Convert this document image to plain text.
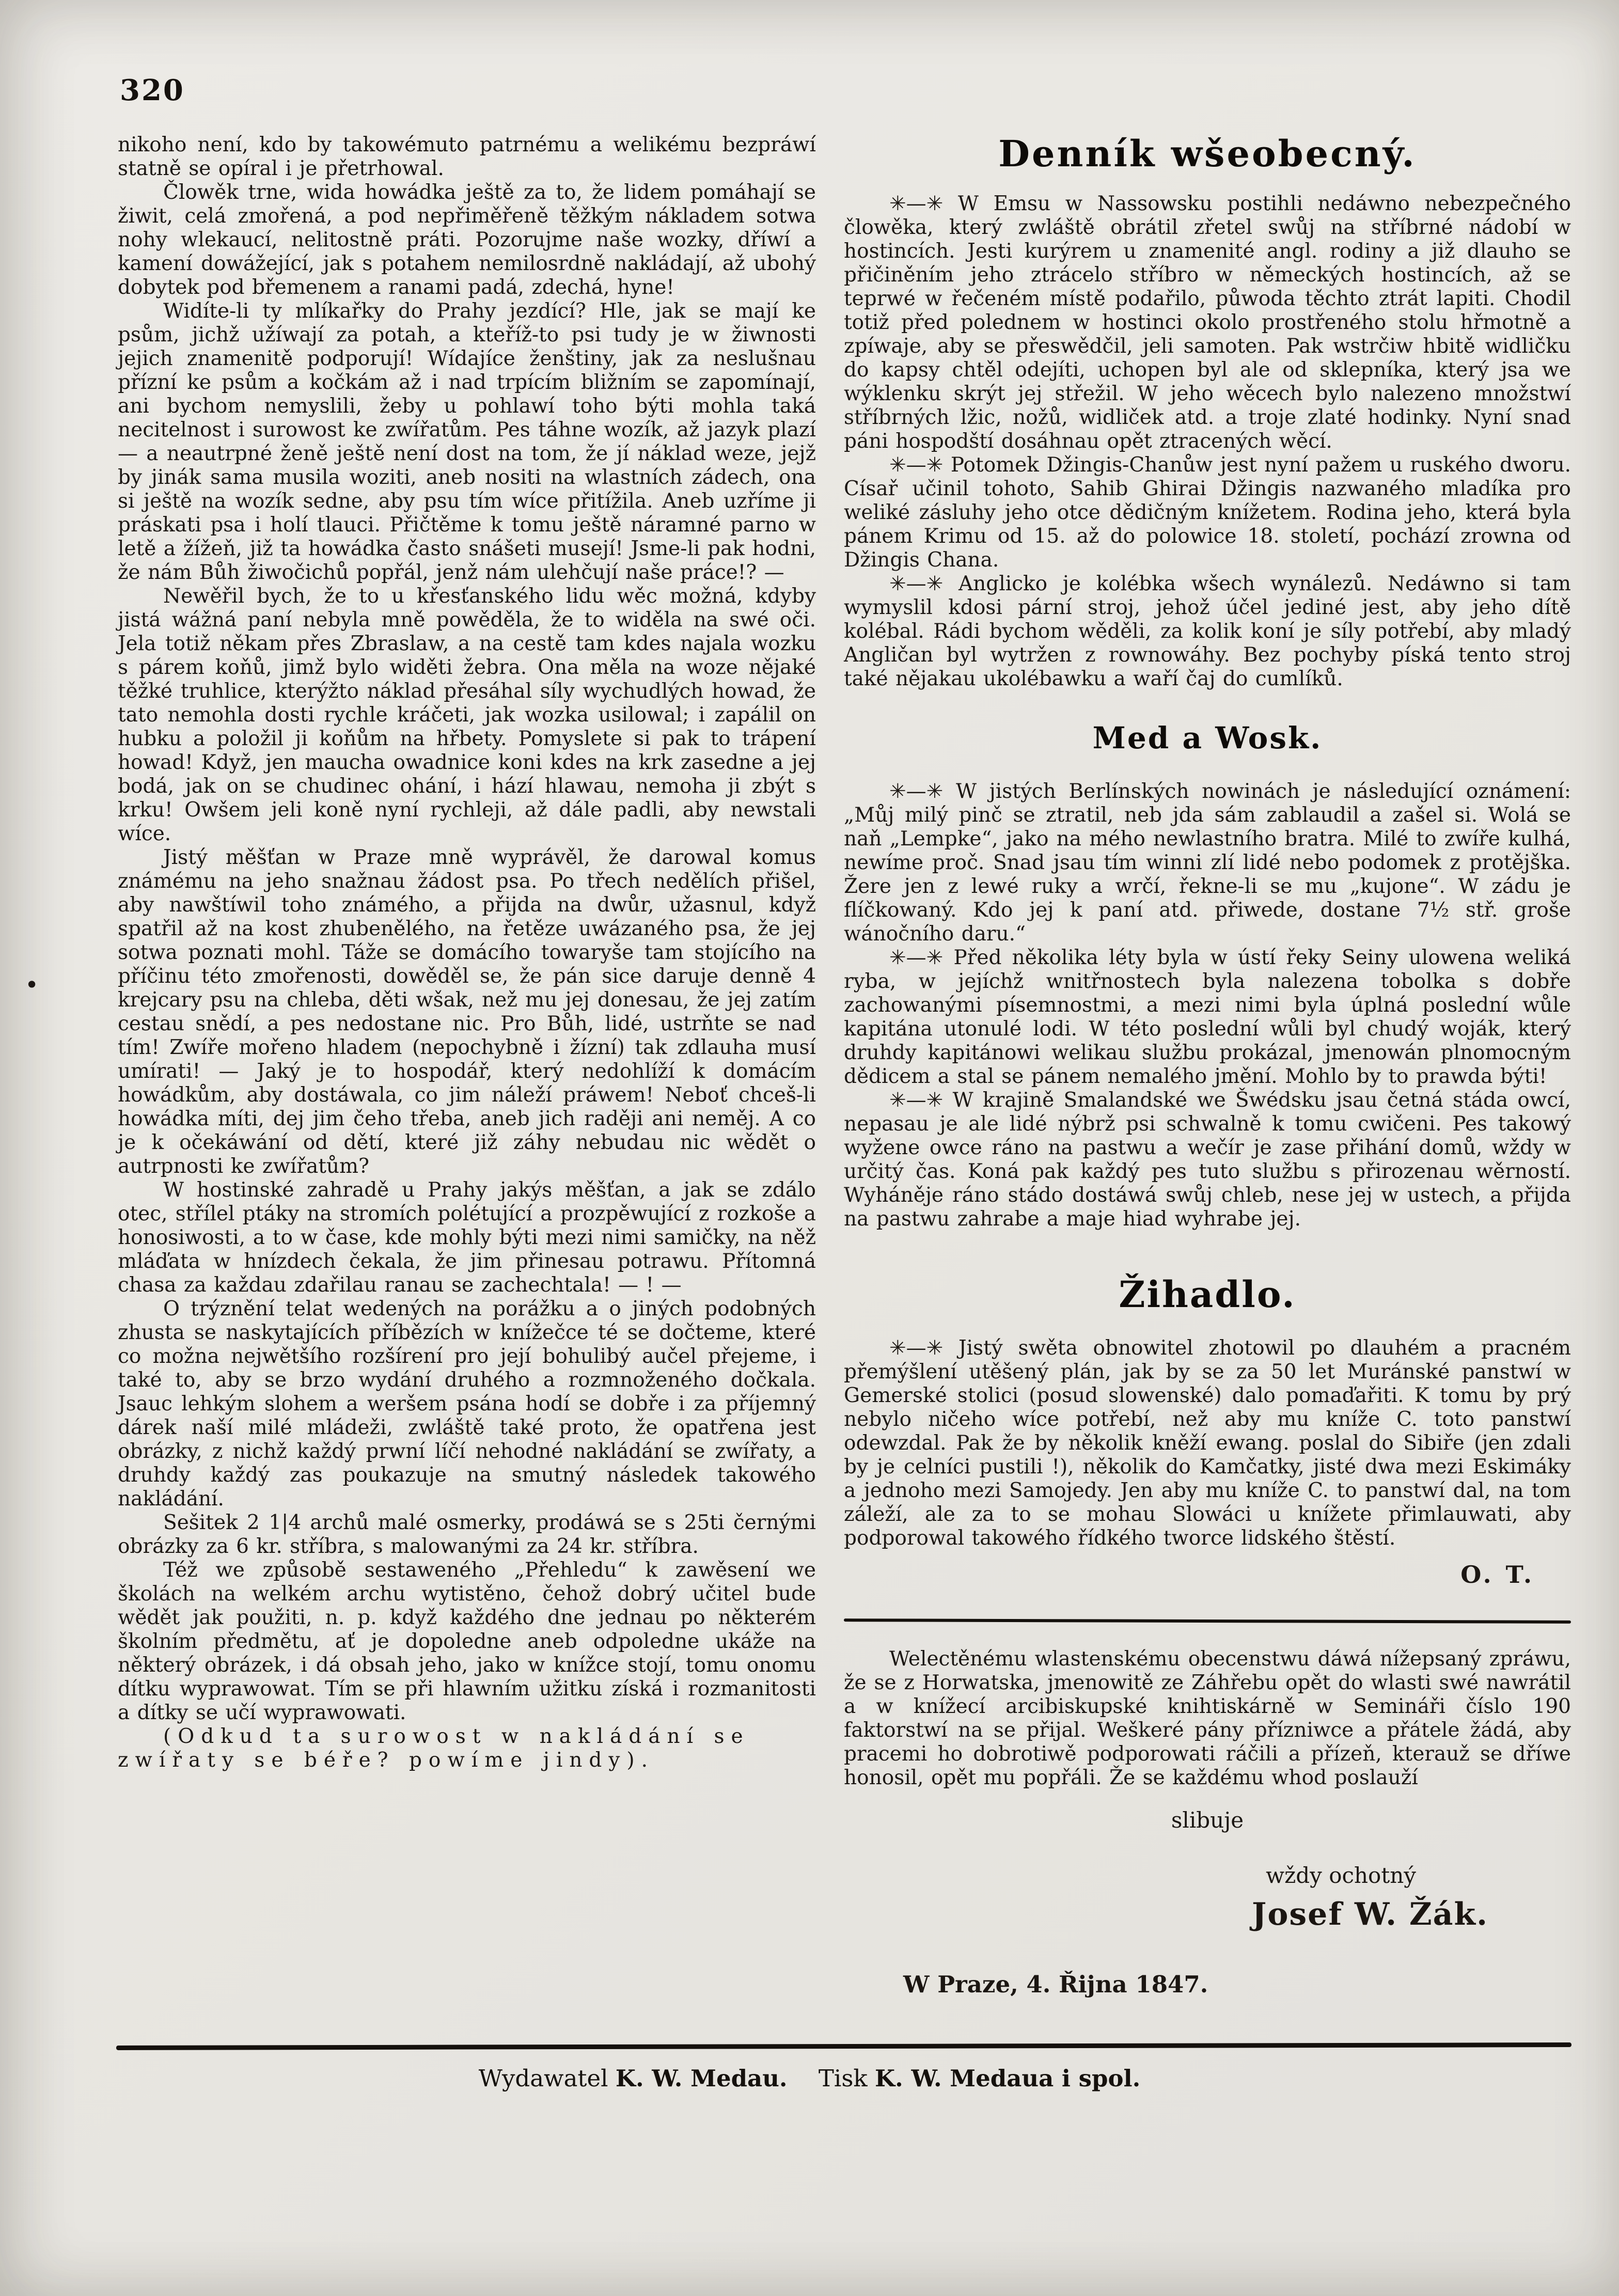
320
•

nikoho není, kdo by takowémuto patrnému a welikému bezpráwí statně se opíral i je přetrhowal.

Člowěk trne, wida howádka ještě za to, že lidem pomáhají se žiwit, celá zmořená, a pod nepřiměřeně těžkým nákladem sotwa nohy wlekaucí, nelitostně práti. Pozorujme naše wozky, dříwí a kamení dowážející, jak s potahem nemilosrdně nakládají, až ubohý dobytek pod břemenem a ranami padá, zdechá, hyne!

Widíte-li ty mlíkařky do Prahy jezdící? Hle, jak se mají ke psům, jichž užíwají za potah, a kteříž-to psi tudy je w žiwnosti jejich znamenitě podporují! Wídajíce ženštiny, jak za neslušnau přízní ke psům a kočkám až i nad trpícím bližním se zapomínají, ani bychom nemyslili, žeby u pohlawí toho býti mohla taká necitelnost i surowost ke zwířatům. Pes táhne wozík, až jazyk plazí — a neautrpné ženě ještě není dost na tom, že jí náklad weze, jejž by jinák sama musila woziti, aneb nositi na wlastních zádech, ona si ještě na wozík sedne, aby psu tím wíce přitížila. Aneb uzříme ji práskati psa i holí tlauci. Přičtěme k tomu ještě náramné parno w letě a žížeň, již ta howádka často snášeti musejí! Jsme-li pak hodni, že nám Bůh žiwočichů popřál, jenž nám ulehčují naše práce!? —

Newěřil bych, že to u křesťanského lidu wěc možná, kdyby jistá wážná paní nebyla mně powěděla, že to widěla na swé oči. Jela totiž někam přes Zbraslaw, a na cestě tam kdes najala wozku s párem koňů, jimž bylo widěti žebra. Ona měla na woze nějaké těžké truhlice, kterýžto náklad přesáhal síly wychudlých howad, že tato nemohla dosti rychle kráčeti, jak wozka usilowal; i zapálil on hubku a položil ji koňům na hřbety. Pomyslete si pak to trápení howad! Když, jen maucha owadnice koni kdes na krk zasedne a jej bodá, jak on se chudinec ohání, i hází hlawau, nemoha ji zbýt s krku! Owšem jeli koně nyní rychleji, až dále padli, aby newstali wíce.

Jistý měšťan w Praze mně wyprávěl, že darowal komus známému na jeho snažnau žádost psa. Po třech nedělích přišel, aby nawštíwil toho známého, a přijda na dwůr, užasnul, když spatřil až na kost zhubenělého, na řetěze uwázaného psa, že jej sotwa poznati mohl. Táže se domácího towaryše tam stojícího na příčinu této zmořenosti, dowěděl se, že pán sice daruje denně 4 krejcary psu na chleba, děti wšak, než mu jej donesau, že jej zatím cestau snědí, a pes nedostane nic. Pro Bůh, lidé, ustrňte se nad tím! Zwíře mořeno hladem (nepochybně i žízní) tak zdlauha musí umírati! — Jaký je to hospodář, který nedohlíží k domácím howádkům, aby dostáwala, co jim náleží práwem! Neboť chceš-li howádka míti, dej jim čeho třeba, aneb jich raději ani neměj. A co je k očekáwání od dětí, které již záhy nebudau nic wědět o autrpnosti ke zwířatům?

W hostinské zahradě u Prahy jakýs měšťan, a jak se zdálo otec, střílel ptáky na stromích polétující a prozpěwující z rozkoše a honosiwosti, a to w čase, kde mohly býti mezi nimi samičky, na něž mláďata w hnízdech čekala, že jim přinesau potrawu. Přítomná chasa za každau zdařilau ranau se zachechtala! — ! —

O trýznění telat wedených na porážku a o jiných podobných zhusta se naskytajících příbězích w knížečce té se dočteme, které co možna nejwětšího rozšírení pro její bohulibý aučel přejeme, i také to, aby se brzo wydání druhého a rozmnoženého dočkala. Jsauc lehkým slohem a weršem psána hodí se dobře i za příjemný dárek naší milé mládeži, zwláště také proto, že opatřena jest obrázky, z nichž každý prwní líčí nehodné nakládání se zwířaty, a druhdy každý zas poukazuje na smutný následek takowého nakládání.

Sešitek 2 1|4 archů malé osmerky, prodáwá se s 25ti černými obrázky za 6 kr. stříbra, s malowanými za 24 kr. stříbra.

Též we způsobě sestaweného „Přehledu“ k zawěsení we školách na welkém archu wytistěno, čehož dobrý učitel bude wědět jak použiti, n. p. když každého dne jednau po některém školním předmětu, ať je dopoledne aneb odpoledne ukáže na některý obrázek, i dá obsah jeho, jako w knížce stojí, tomu onomu dítku wyprawowat. Tím se při hlawním užitku získá i rozmanitosti a dítky se učí wyprawowati.

(Odkud ta surowost w nakládání se zwířaty se béře? powíme jindy).

Denník wšeobecný.

✳—✳ W Emsu w Nassowsku postihli nedáwno nebezpečného člowěka, který zwláště obrátil zřetel swůj na stříbrné nádobí w hostincích. Jesti kurýrem u znamenité angl. rodiny a již dlauho se přičiněním jeho ztrácelo stříbro w německých hostincích, až se teprwé w řečeném místě podařilo, půwoda těchto ztrát lapiti. Chodil totiž před polednem w hostinci okolo prostřeného stolu hřmotně a zpíwaje, aby se přeswědčil, jeli samoten. Pak wstrčiw hbitě widličku do kapsy chtěl odejíti, uchopen byl ale od sklepníka, který jsa we wýklenku skrýt jej střežil. W jeho wěcech bylo nalezeno množstwí stříbrných lžic, nožů, widliček atd. a troje zlaté hodinky. Nyní snad páni hospodští dosáhnau opět ztracených wěcí.

✳—✳ Potomek Džingis-Chanůw jest nyní pažem u ruského dworu. Císař učinil tohoto, Sahib Ghirai Džingis nazwaného mladíka pro weliké zásluhy jeho otce dědičným knížetem. Rodina jeho, která byla pánem Krimu od 15. až do polowice 18. století, pochází zrowna od Džingis Chana.

✳—✳ Anglicko je kolébka wšech wynálezů. Nedáwno si tam wymyslil kdosi pární stroj, jehož účel jediné jest, aby jeho dítě kolébal. Rádi bychom wěděli, za kolik koní je síly potřebí, aby mladý Angličan byl wytržen z rownowáhy. Bez pochyby píská tento stroj také nějakau ukolébawku a waří čaj do cumlíků.

Med a Wosk.

✳—✳ W jistých Berlínských nowinách je následující oznámení: „Můj milý pinč se ztratil, neb jda sám zablaudil a zašel si. Wolá se naň „Lempke“, jako na mého newlastního bratra. Milé to zwíře kulhá, newíme proč. Snad jsau tím winni zlí lidé nebo podomek z protějška. Žere jen z lewé ruky a wrčí, řekne-li se mu „kujone“. W zádu je flíčkowaný. Kdo jej k paní atd. přiwede, dostane 7½ stř. groše wánočního daru.“

✳—✳ Před několika léty byla w ústí řeky Seiny ulowena weliká ryba, w jejíchž wnitřnostech byla nalezena tobolka s dobře zachowanými písemnostmi, a mezi nimi byla úplná poslední wůle kapitána utonulé lodi. W této poslední wůli byl chudý woják, který druhdy kapitánowi welikau službu prokázal, jmenowán plnomocným dědicem a stal se pánem nemalého jmění. Mohlo by to prawda býti!

✳—✳ W krajině Smalandské we Šwédsku jsau četná stáda owcí, nepasau je ale lidé nýbrž psi schwalně k tomu cwičeni. Pes takowý wyžene owce ráno na pastwu a wečír je zase přihání domů, wždy w určitý čas. Koná pak každý pes tuto službu s přirozenau wěrností. Wyháněje ráno stádo dostáwá swůj chleb, nese jej w ustech, a přijda na pastwu zahrabe a maje hiad wyhrabe jej.

Žihadlo.

✳—✳ Jistý swěta obnowitel zhotowil po dlauhém a pracném přemýšlení utěšený plán, jak by se za 50 let Muránské panstwí w Gemerské stolici (posud slowenské) dalo pomaďařiti. K tomu by prý nebylo ničeho wíce potřebí, než aby mu kníže C. toto panstwí odewzdal. Pak že by několik kněží ewang. poslal do Sibiře (jen zdali by je celníci pustili !), několik do Kamčatky, jisté dwa mezi Eskimáky a jednoho mezi Samojedy. Jen aby mu kníže C. to panstwí dal, na tom záleží, ale za to se mohau Slowáci u knížete přimlauwati, aby podporowal takowého řídkého tworce lidského štěstí.

O. T.

Welectěnému wlastenskému obecenstwu dáwá nížepsaný zpráwu, že se z Horwatska, jmenowitě ze Záhřebu opět do wlasti swé nawrátil a w knížecí arcibiskupské knihtiskárně w Semináři číslo 190 faktorstwí na se přijal. Weškeré pány přízniwce a přátele žádá, aby pracemi ho dobrotiwě podporowati ráčili a přízeň, kterauž se dříwe honosil, opět mu popřáli. Že se každému whod poslauží

slibuje

wždy ochotný

Josef W. Žák.

W Praze, 4. Řijna 1847.

Wydawatel K. W. Medau. Tisk K. W. Medaua i spol.
